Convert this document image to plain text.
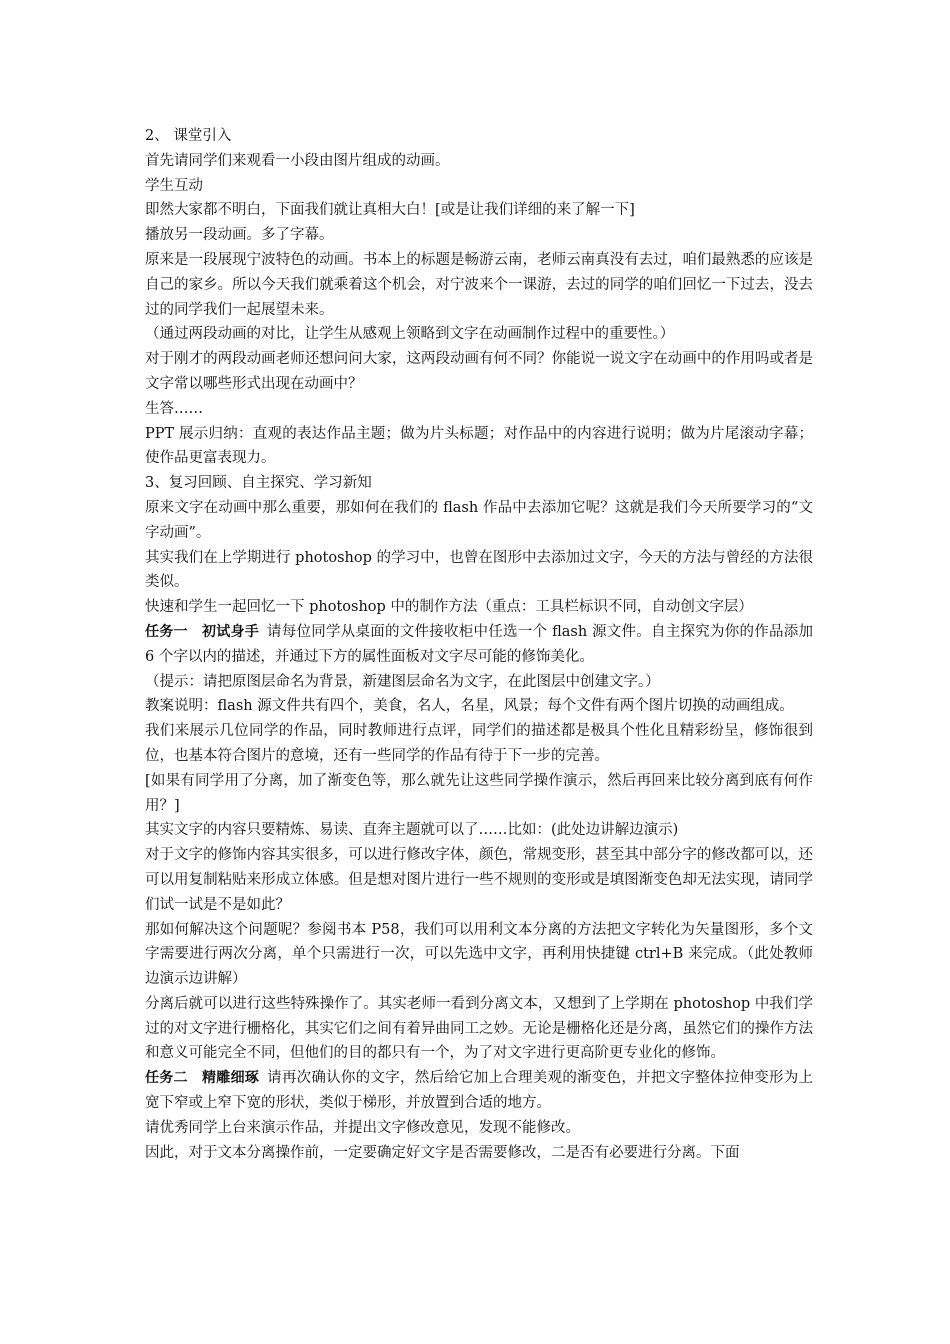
2、 课堂引入

首先请同学们来观看一小段由图片组成的动画。

学生互动

即然大家都不明白，下面我们就让真相大白！[或是让我们详细的来了解一下]

播放另一段动画。多了字幕。

原来是一段展现宁波特色的动画。书本上的标题是畅游云南，老师云南真没有去过，咱们最熟悉的应该是自己的家乡。所以今天我们就乘着这个机会，对宁波来个一课游，去过的同学的咱们回忆一下过去，没去过的同学我们一起展望未来。

（通过两段动画的对比，让学生从感观上领略到文字在动画制作过程中的重要性。）

对于刚才的两段动画老师还想问问大家，这两段动画有何不同？你能说一说文字在动画中的作用吗或者是文字常以哪些形式出现在动画中？

生答……

PPT 展示归纳：直观的表达作品主题；做为片头标题；对作品中的内容进行说明；做为片尾滚动字幕；使作品更富表现力。

3、复习回顾、自主探究、学习新知

原来文字在动画中那么重要，那如何在我们的 flash 作品中去添加它呢？这就是我们今天所要学习的“文字动画”。

其实我们在上学期进行 photoshop 的学习中，也曾在图形中去添加过文字，今天的方法与曾经的方法很类似。

快速和学生一起回忆一下 photoshop 中的制作方法（重点：工具栏标识不同，自动创文字层）

任务一　初试身手 请每位同学从桌面的文件接收柜中任选一个 flash 源文件。自主探究为你的作品添加 6 个字以内的描述，并通过下方的属性面板对文字尽可能的修饰美化。

（提示：请把原图层命名为背景，新建图层命名为文字，在此图层中创建文字。）

教案说明：flash 源文件共有四个，美食，名人，名星，风景；每个文件有两个图片切换的动画组成。

我们来展示几位同学的作品，同时教师进行点评，同学们的描述都是极具个性化且精彩纷呈，修饰很到位，也基本符合图片的意境，还有一些同学的作品有待于下一步的完善。

[如果有同学用了分离，加了渐变色等，那么就先让这些同学操作演示，然后再回来比较分离到底有何作用？]

其实文字的内容只要精炼、易读、直奔主题就可以了……比如：(此处边讲解边演示)

对于文字的修饰内容其实很多，可以进行修改字体，颜色，常规变形，甚至其中部分字的修改都可以，还可以用复制粘贴来形成立体感。但是想对图片进行一些不规则的变形或是填图渐变色却无法实现，请同学们试一试是不是如此？

那如何解决这个问题呢？参阅书本 P58，我们可以用利文本分离的方法把文字转化为矢量图形，多个文字需要进行两次分离，单个只需进行一次，可以先选中文字，再利用快捷键 ctrl+B 来完成。（此处教师边演示边讲解）

分离后就可以进行这些特殊操作了。其实老师一看到分离文本，又想到了上学期在 photoshop 中我们学过的对文字进行栅格化，其实它们之间有着异曲同工之妙。无论是栅格化还是分离，虽然它们的操作方法和意义可能完全不同，但他们的目的都只有一个，为了对文字进行更高阶更专业化的修饰。

任务二　精雕细琢 请再次确认你的文字，然后给它加上合理美观的渐变色，并把文字整体拉伸变形为上宽下窄或上窄下宽的形状，类似于梯形，并放置到合适的地方。

请优秀同学上台来演示作品，并提出文字修改意见，发现不能修改。

因此，对于文本分离操作前，一定要确定好文字是否需要修改，二是否有必要进行分离。下面
